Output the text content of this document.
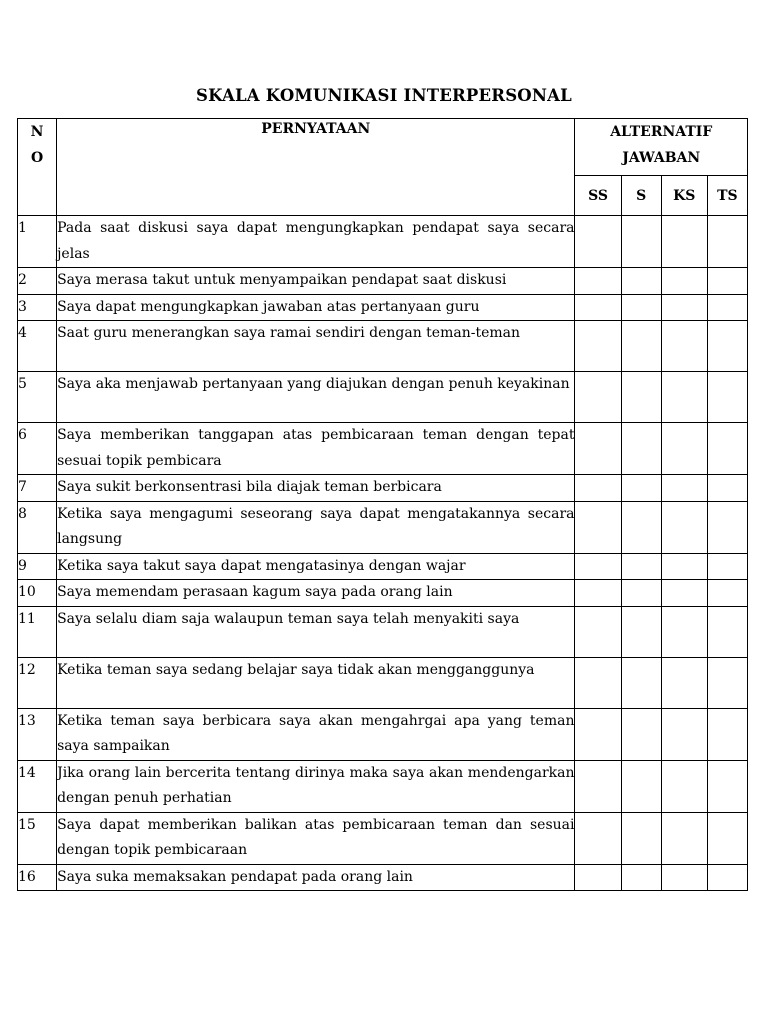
SKALA KOMUNIKASI INTERPERSONAL
N
O	PERNYATAAN	ALTERNATIF
JAWABAN			

		SS	S	KS	TS
1	Pada saat diskusi saya dapat mengungkapkan pendapat saya secara jelas				
2	Saya merasa takut untuk menyampaikan pendapat saat diskusi				
3	Saya dapat mengungkapkan jawaban atas pertanyaan guru				
4	Saat guru menerangkan saya ramai sendiri dengan teman-teman				
5	Saya aka menjawab pertanyaan yang diajukan dengan penuh keyakinan				
6	Saya memberikan tanggapan atas pembicaraan teman dengan tepat sesuai topik pembicara				
7	Saya sukit berkonsentrasi bila diajak teman berbicara				
8	Ketika saya mengagumi seseorang saya dapat mengatakannya secara langsung				
9	Ketika saya takut saya dapat mengatasinya dengan wajar				
10	Saya memendam perasaan kagum saya pada orang lain				
11	Saya selalu diam saja walaupun teman saya telah menyakiti saya				
12	Ketika teman saya sedang belajar saya tidak akan mengganggunya				
13	Ketika teman saya berbicara saya akan mengahrgai apa yang teman saya sampaikan				
14	Jika orang lain bercerita tentang dirinya maka saya akan mendengarkan dengan penuh perhatian				
15	Saya dapat memberikan balikan atas pembicaraan teman dan sesuai dengan topik pembicaraan				
16	Saya suka memaksakan pendapat pada orang lain				
